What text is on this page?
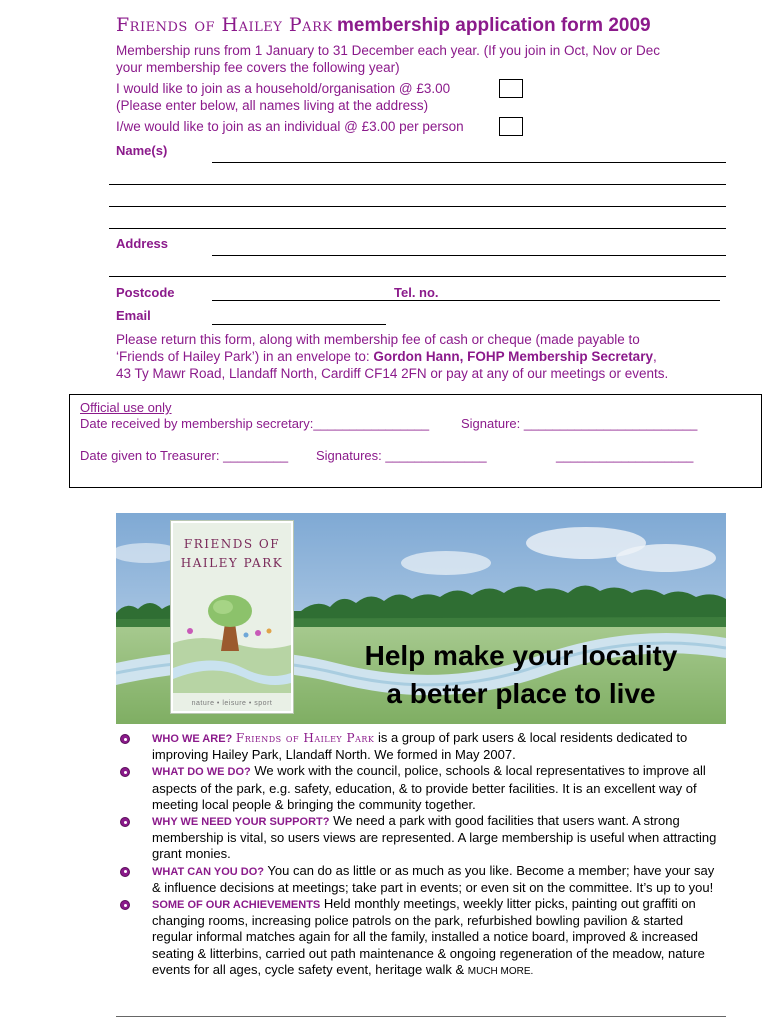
Friends of Hailey Park membership application form 2009
Membership runs from 1 January to 31 December each year. (If you join in Oct, Nov or Dec
your membership fee covers the following year)
I would like to join as a household/organisation @ £3.00
(Please enter below, all names living at the address)
I/we would like to join as an individual @ £3.00 per person
Name(s)
Address
Postcode	Tel. no.
Email
Please return this form, along with membership fee of cash or cheque (made payable to
‘Friends of Hailey Park’) in an envelope to: Gordon Hann, FOHP Membership Secretary,
43 Ty Mawr Road, Llandaff North, Cardiff CF14 2FN or pay at any of our meetings or events.
Official use only
Date received by membership secretary:________________ Signature: ________________________
Date given to Treasurer: _________ Signatures: ______________	___________________
FRIENDS OF
HAILEY PARK
nature • leisure • sport
Help make your locality
a better place to live
WHO WE ARE? Friends of Hailey Park is a group of park users & local residents dedicated to improving Hailey Park, Llandaff North. We formed in May 2007.
WHAT DO WE DO? We work with the council, police, schools & local representatives to improve all aspects of the park, e.g. safety, education, & to provide better facilities. It is an excellent way of meeting local people & bringing the community together.
WHY WE NEED YOUR SUPPORT? We need a park with good facilities that users want. A strong membership is vital, so users views are represented. A large membership is useful when attracting grant monies.
WHAT CAN YOU DO? You can do as little or as much as you like. Become a member; have your say & influence decisions at meetings; take part in events; or even sit on the committee. It’s up to you!
SOME OF OUR ACHIEVEMENTS Held monthly meetings, weekly litter picks, painting out graffiti on changing rooms, increasing police patrols on the park, refurbished bowling pavilion & started regular informal matches again for all the family, installed a notice board, improved & increased seating & litterbins, carried out path maintenance & ongoing regeneration of the meadow, nature events for all ages, cycle safety event, heritage walk & MUCH MORE.
